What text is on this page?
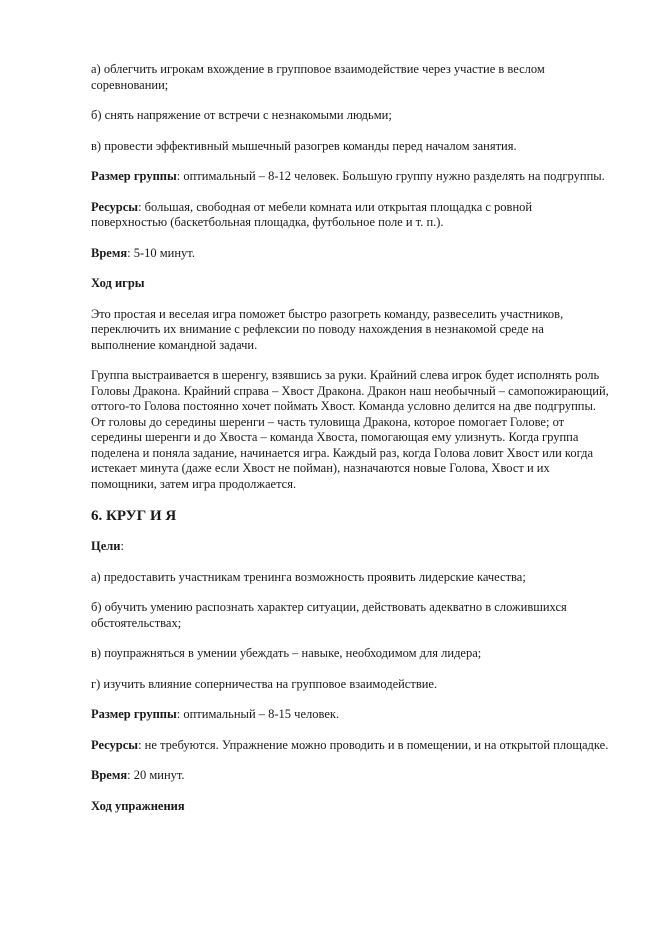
а) облегчить игрокам вхождение в групповое взаимодействие через участие в веслом соревновании;

б) снять напряжение от встречи с незнакомыми людьми;

в) провести эффективный мышечный разогрев команды перед началом занятия.

Размер группы: оптимальный – 8-12 человек. Большую группу нужно разделять на подгруппы.

Ресурсы: большая, свободная от мебели комната или открытая площадка с ровной поверхностью (баскетбольная площадка, футбольное поле и т. п.).

Время: 5-10 минут.

Ход игры

Это простая и веселая игра поможет быстро разогреть команду, развеселить участников, переключить их внимание с рефлексии по поводу нахождения в незнакомой среде на выполнение командной задачи.

Группа выстраивается в шеренгу, взявшись за руки. Крайний слева игрок будет исполнять роль Головы Дракона. Крайний справа – Хвост Дракона. Дракон наш необычный – самопожирающий, оттого-то Голова постоянно хочет поймать Хвост. Команда условно делится на две подгруппы. От головы до середины шеренги – часть туловища Дракона, которое помогает Голове; от середины шеренги и до Хвоста – команда Хвоста, помогающая ему улизнуть. Когда группа поделена и поняла задание, начинается игра. Каждый раз, когда Голова ловит Хвост или когда истекает минута (даже если Хвост не пойман), назначаются новые Голова, Хвост и их помощники, затем игра продолжается.

6. КРУГ И Я

Цели:

а) предоставить участникам тренинга возможность проявить лидерские качества;

б) обучить умению распознать характер ситуации, действовать адекватно в сложившихся обстоятельствах;

в) поупражняться в умении убеждать – навыке, необходимом для лидера;

г) изучить влияние соперничества на групповое взаимодействие.

Размер группы: оптимальный – 8-15 человек.

Ресурсы: не требуются. Упражнение можно проводить и в помещении, и на открытой площадке.

Время: 20 минут.

Ход упражнения
